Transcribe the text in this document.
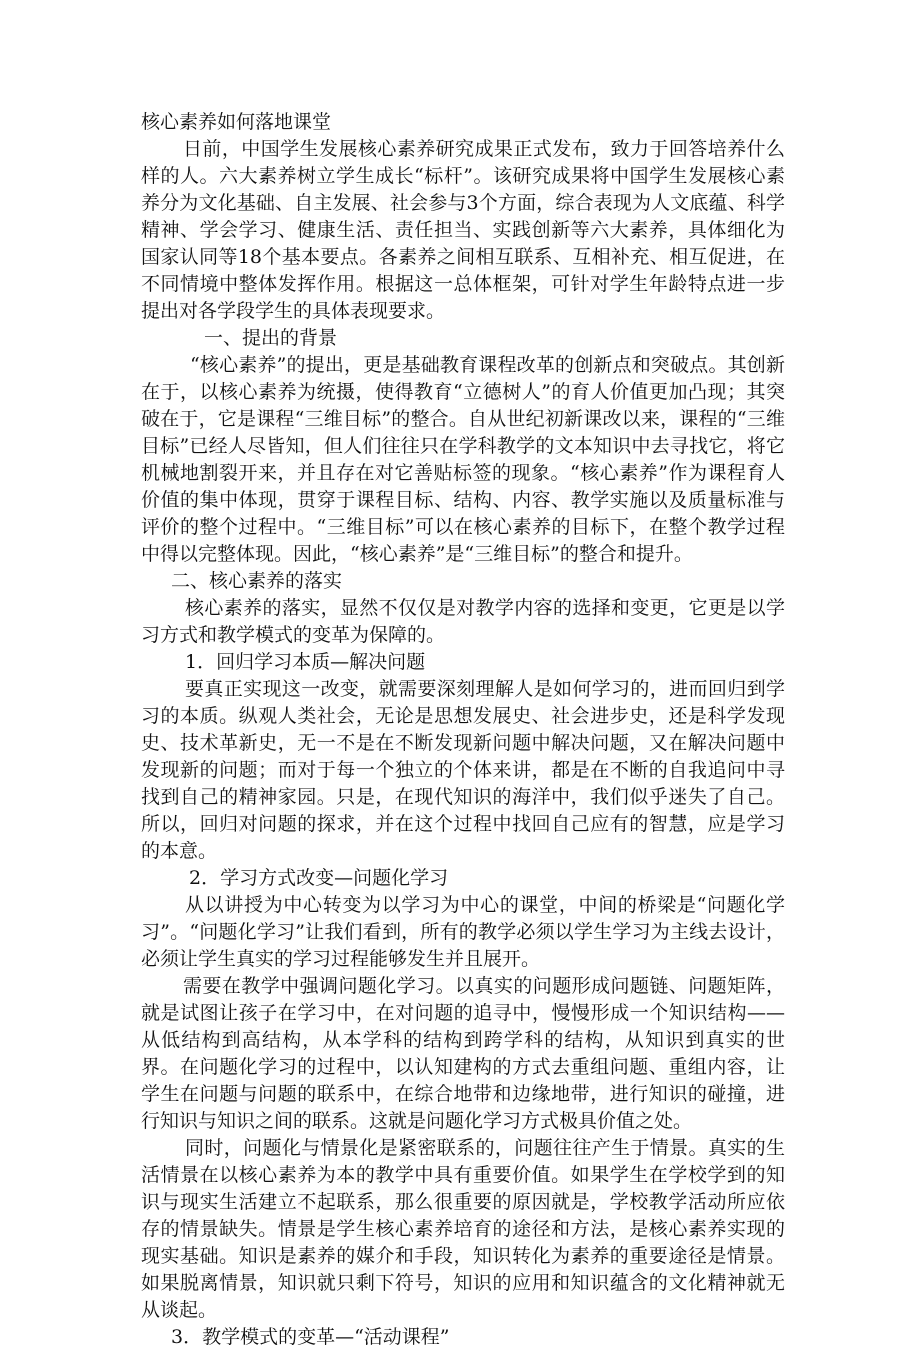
核心素养如何落地课堂

日前，中国学生发展核心素养研究成果正式发布，致力于回答培养什么样的人。六大素养树立学生成长“标杆”。该研究成果将中国学生发展核心素养分为文化基础、自主发展、社会参与3个方面，综合表现为人文底蕴、科学精神、学会学习、健康生活、责任担当、实践创新等六大素养，具体细化为国家认同等18个基本要点。各素养之间相互联系、互相补充、相互促进，在不同情境中整体发挥作用。根据这一总体框架，可针对学生年龄特点进一步提出对各学段学生的具体表现要求。

一、提出的背景

“核心素养”的提出，更是基础教育课程改革的创新点和突破点。其创新在于，以核心素养为统摄，使得教育“立德树人”的育人价值更加凸现；其突破在于，它是课程“三维目标”的整合。自从世纪初新课改以来，课程的“三维目标”已经人尽皆知，但人们往往只在学科教学的文本知识中去寻找它，将它机械地割裂开来，并且存在对它善贴标签的现象。“核心素养”作为课程育人价值的集中体现，贯穿于课程目标、结构、内容、教学实施以及质量标准与评价的整个过程中。“三维目标”可以在核心素养的目标下，在整个教学过程中得以完整体现。因此，“核心素养”是“三维目标”的整合和提升。

二、核心素养的落实

核心素养的落实，显然不仅仅是对教学内容的选择和变更，它更是以学习方式和教学模式的变革为保障的。

1．回归学习本质—解决问题

要真正实现这一改变，就需要深刻理解人是如何学习的，进而回归到学习的本质。纵观人类社会，无论是思想发展史、社会进步史，还是科学发现史、技术革新史，无一不是在不断发现新问题中解决问题，又在解决问题中发现新的问题；而对于每一个独立的个体来讲，都是在不断的自我追问中寻找到自己的精神家园。只是，在现代知识的海洋中，我们似乎迷失了自己。所以，回归对问题的探求，并在这个过程中找回自己应有的智慧，应是学习的本意。

2．学习方式改变—问题化学习

从以讲授为中心转变为以学习为中心的课堂，中间的桥梁是“问题化学习”。“问题化学习”让我们看到，所有的教学必须以学生学习为主线去设计，必须让学生真实的学习过程能够发生并且展开。

需要在教学中强调问题化学习。以真实的问题形成问题链、问题矩阵，就是试图让孩子在学习中，在对问题的追寻中，慢慢形成一个知识结构——从低结构到高结构，从本学科的结构到跨学科的结构，从知识到真实的世界。在问题化学习的过程中，以认知建构的方式去重组问题、重组内容，让学生在问题与问题的联系中，在综合地带和边缘地带，进行知识的碰撞，进行知识与知识之间的联系。这就是问题化学习方式极具价值之处。

同时，问题化与情景化是紧密联系的，问题往往产生于情景。真实的生活情景在以核心素养为本的教学中具有重要价值。如果学生在学校学到的知识与现实生活建立不起联系，那么很重要的原因就是，学校教学活动所应依存的情景缺失。情景是学生核心素养培育的途径和方法，是核心素养实现的现实基础。知识是素养的媒介和手段，知识转化为素养的重要途径是情景。如果脱离情景，知识就只剩下符号，知识的应用和知识蕴含的文化精神就无从谈起。

3．教学模式的变革—“活动课程”
